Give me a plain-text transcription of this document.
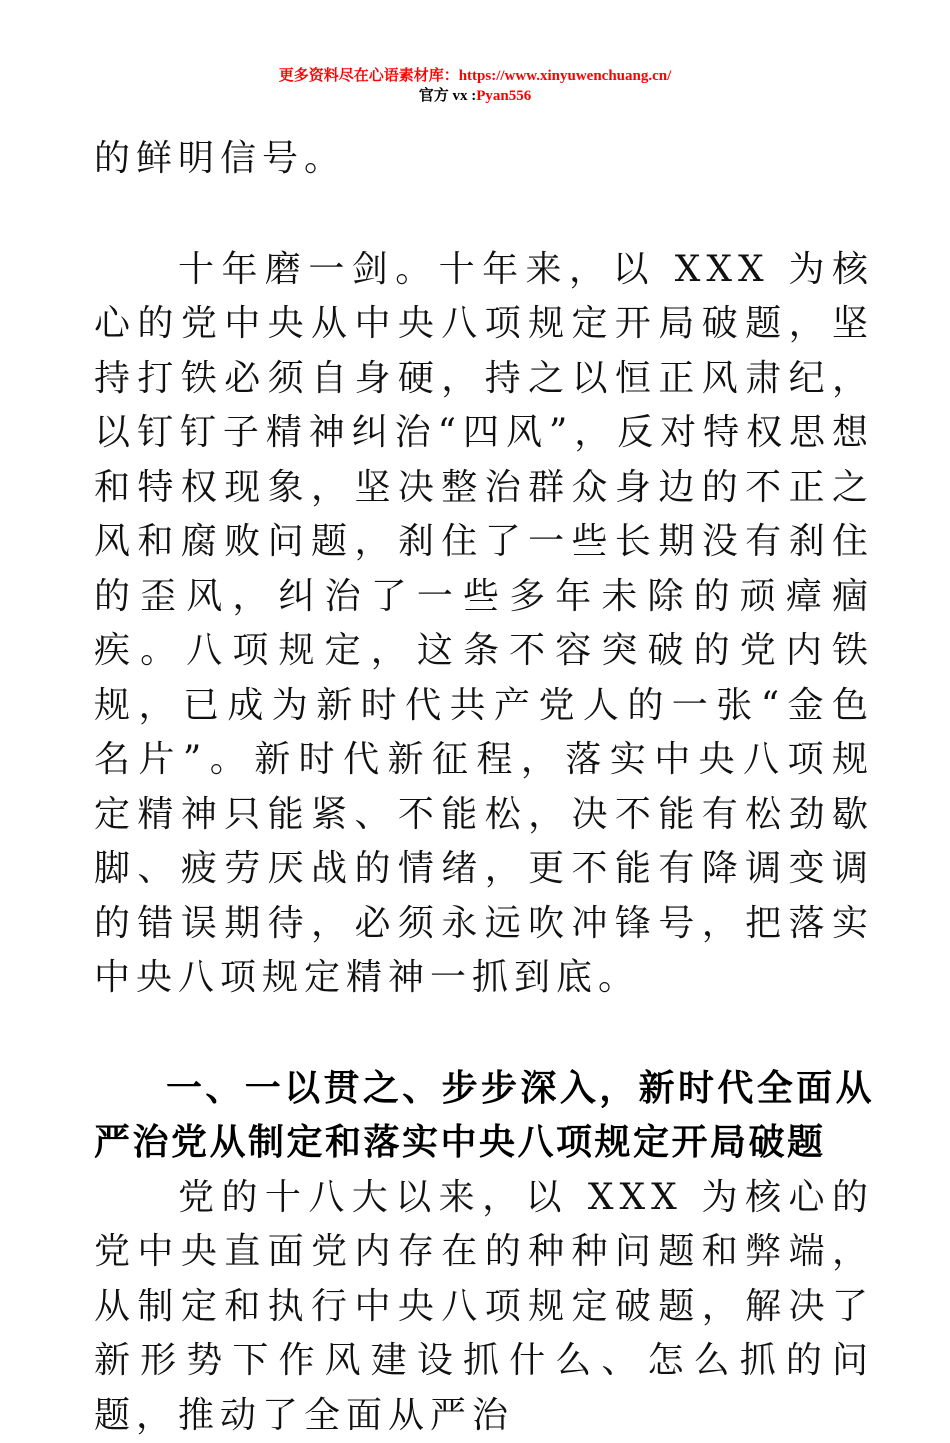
更多资料尽在心语素材库：https://www.xinyuwenchuang.cn/
官方 vx :Pyan556

的鲜明信号。

十年磨一剑。十年来，以 XXX 为核心的党中央从中央八项规定开局破题，坚持打铁必须自身硬，持之以恒正风肃纪，以钉钉子精神纠治“四风”，反对特权思想和特权现象，坚决整治群众身边的不正之风和腐败问题，刹住了一些长期没有刹住的歪风，纠治了一些多年未除的顽瘴痼疾。八项规定，这条不容突破的党内铁规，已成为新时代共产党人的一张“金色名片”。新时代新征程，落实中央八项规定精神只能紧、不能松，决不能有松劲歇脚、疲劳厌战的情绪，更不能有降调变调的错误期待，必须永远吹冲锋号，把落实中央八项规定精神一抓到底。

一、一以贯之、步步深入，新时代全面从严治党从制定和落实中央八项规定开局破题

党的十八大以来，以 XXX 为核心的党中央直面党内存在的种种问题和弊端，从制定和执行中央八项规定破题，解决了新形势下作风建设抓什么、怎么抓的问题，推动了全面从严治
